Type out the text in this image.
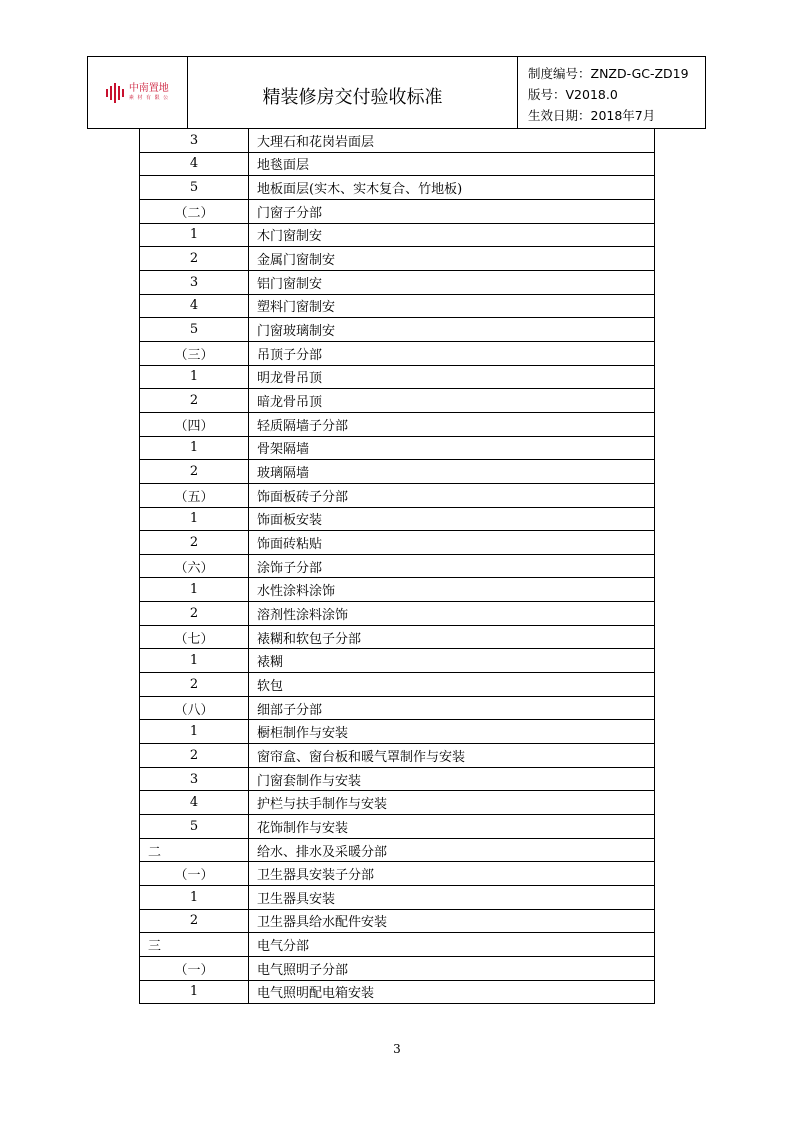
中南置地
素 材 有 限 公	精装修房交付验收标准
制度编号：ZNZD-GC-ZD19
版号：V2018.0
生效日期：2018年7月
3	大理石和花岗岩面层
4	地毯面层
5	地板面层(实木、实木复合、竹地板)
（二）	门窗子分部
1	木门窗制安
2	金属门窗制安
3	铝门窗制安
4	塑料门窗制安
5	门窗玻璃制安
（三）	吊顶子分部
1	明龙骨吊顶
2	暗龙骨吊顶
（四）	轻质隔墙子分部
1	骨架隔墙
2	玻璃隔墙
（五）	饰面板砖子分部
1	饰面板安装
2	饰面砖粘贴
（六）	涂饰子分部
1	水性涂料涂饰
2	溶剂性涂料涂饰
（七）	裱糊和软包子分部
1	裱糊
2	软包
（八）	细部子分部
1	橱柜制作与安装
2	窗帘盒、窗台板和暖气罩制作与安装
3	门窗套制作与安装
4	护栏与扶手制作与安装
5	花饰制作与安装
二	给水、排水及采暖分部
（一）	卫生器具安装子分部
1	卫生器具安装
2	卫生器具给水配件安装
三	电气分部
（一）	电气照明子分部
1	电气照明配电箱安装
3
